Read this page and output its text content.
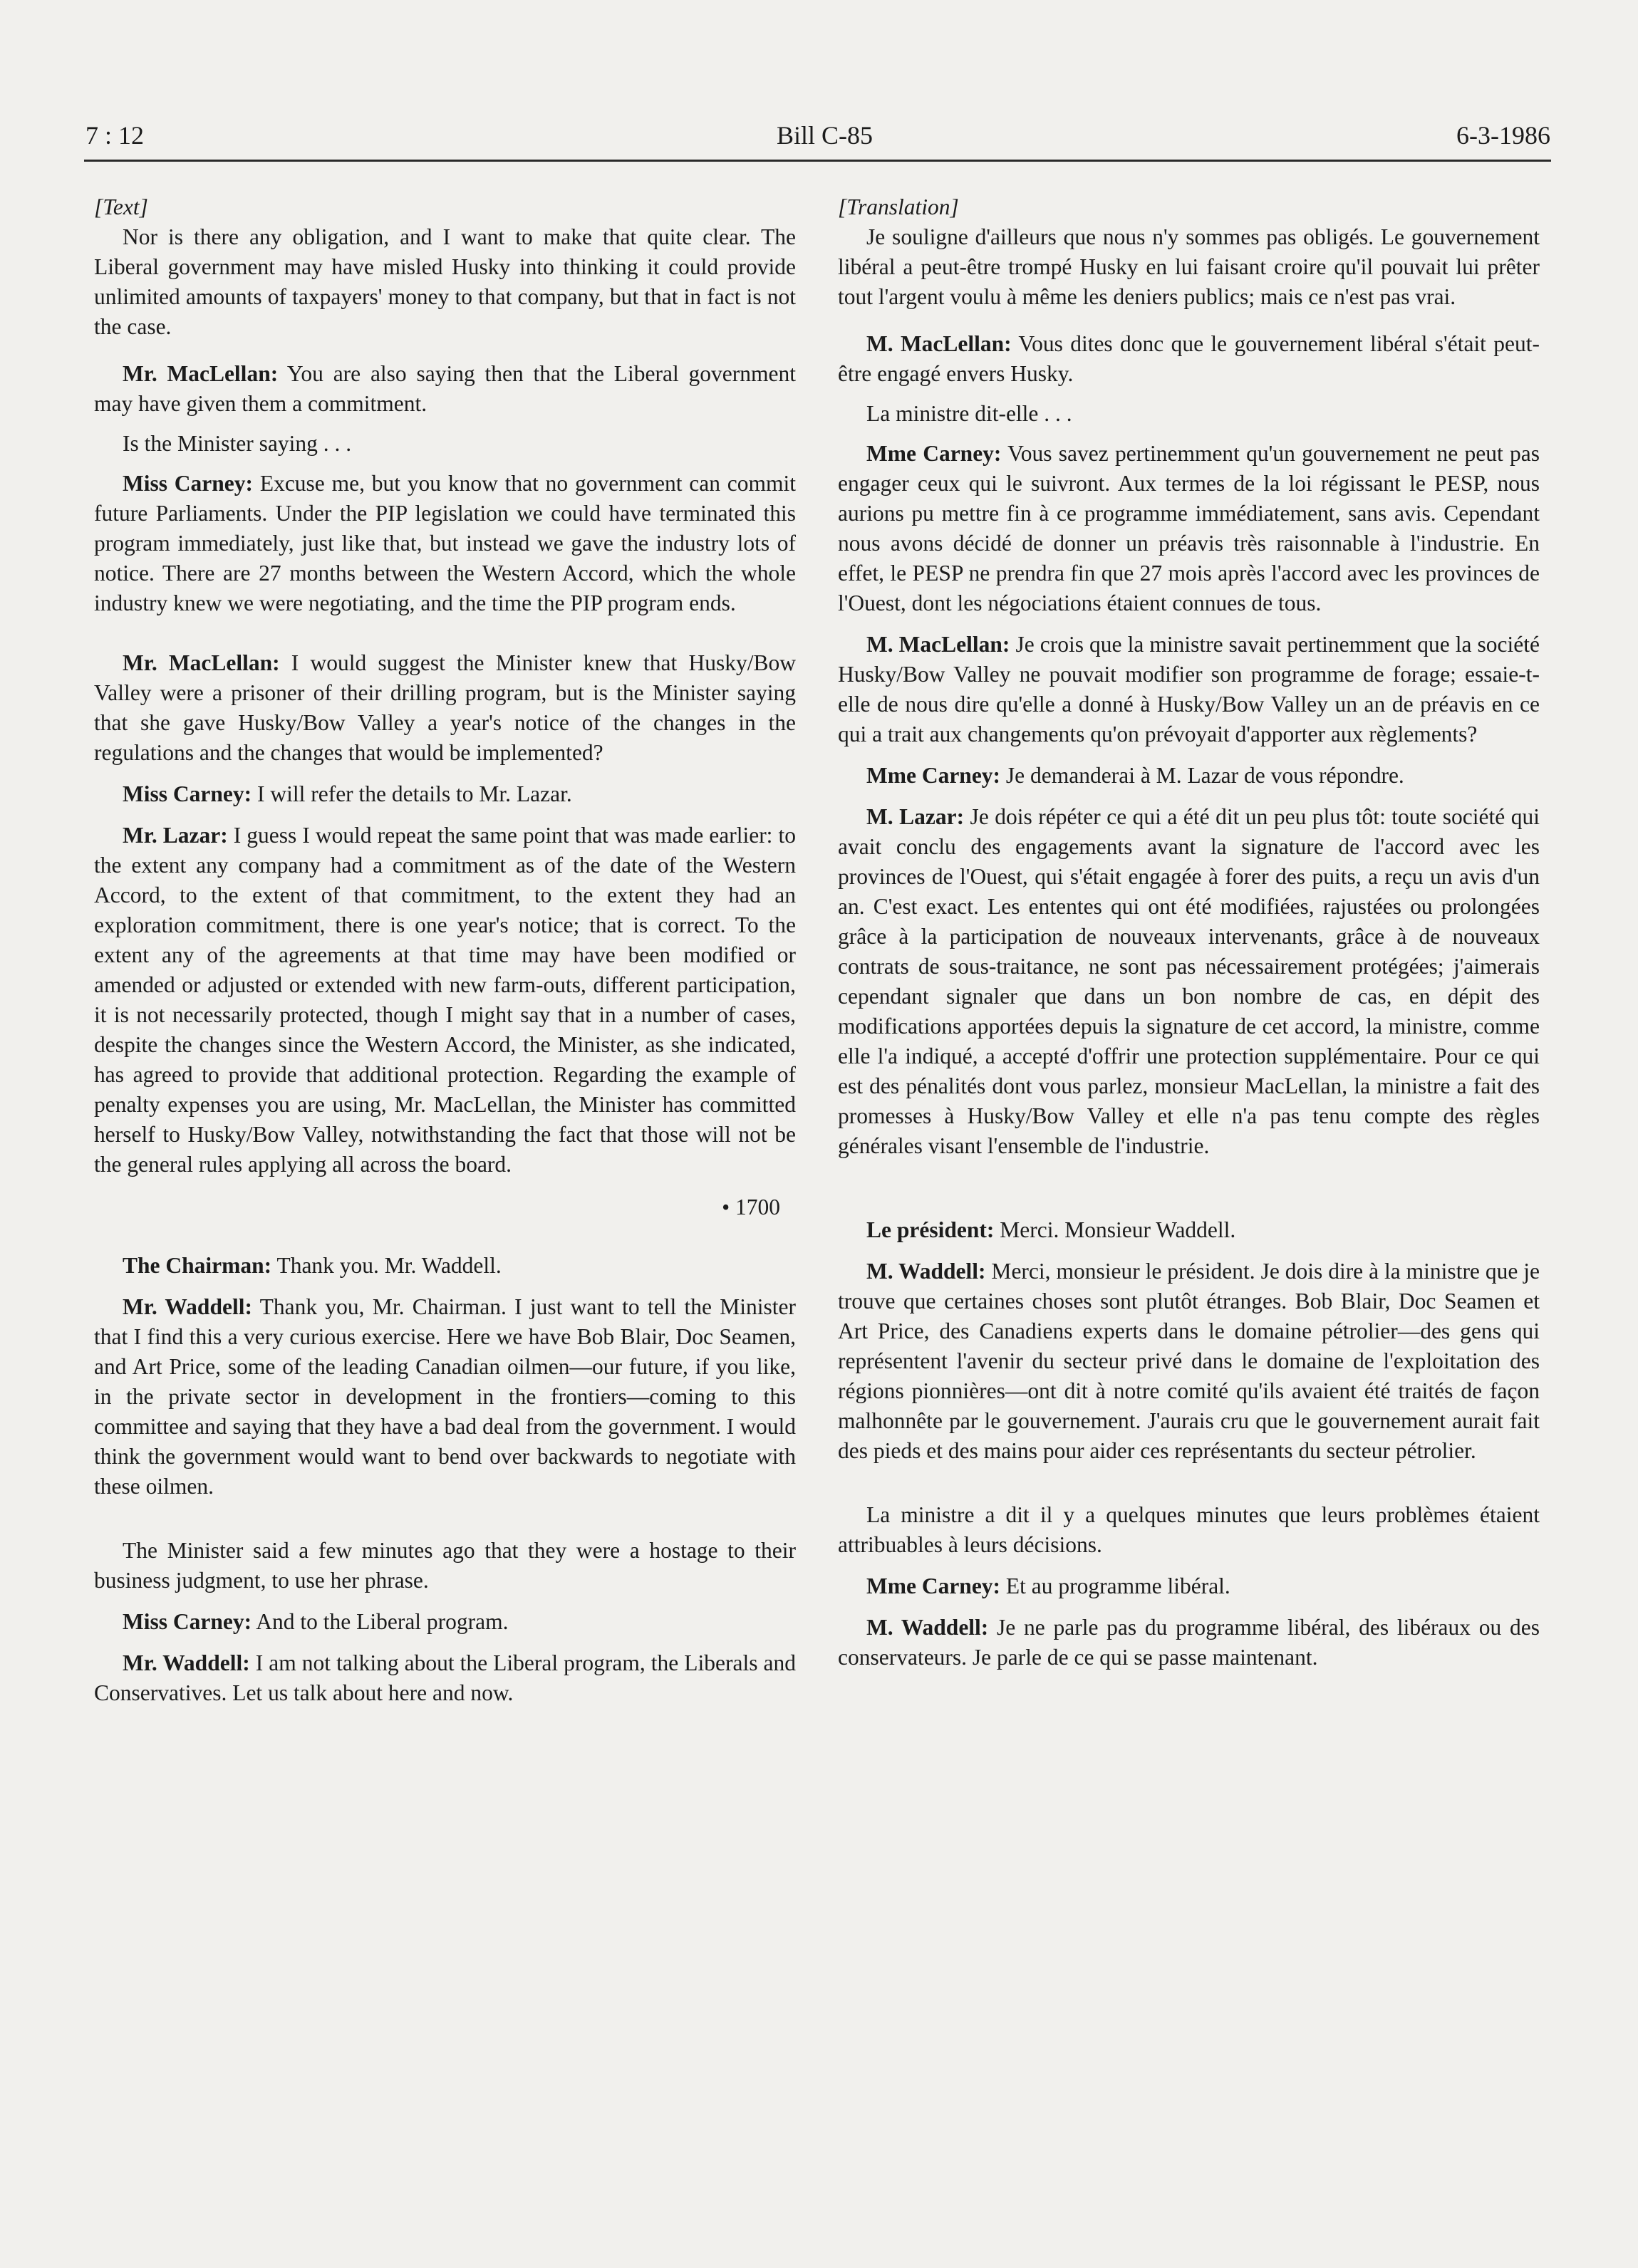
7 : 12	Bill C-85	6-3-1986
[Text]

Nor is there any obligation, and I want to make that quite clear. The Liberal government may have misled Husky into thinking it could provide unlimited amounts of taxpayers' money to that company, but that in fact is not the case.

Mr. MacLellan: You are also saying then that the Liberal government may have given them a commitment.

Is the Minister saying . . .

Miss Carney: Excuse me, but you know that no government can commit future Parliaments. Under the PIP legislation we could have terminated this program immediately, just like that, but instead we gave the industry lots of notice. There are 27 months between the Western Accord, which the whole industry knew we were negotiating, and the time the PIP program ends.

Mr. MacLellan: I would suggest the Minister knew that Husky/Bow Valley were a prisoner of their drilling program, but is the Minister saying that she gave Husky/Bow Valley a year's notice of the changes in the regulations and the changes that would be implemented?

Miss Carney: I will refer the details to Mr. Lazar.

Mr. Lazar: I guess I would repeat the same point that was made earlier: to the extent any company had a commitment as of the date of the Western Accord, to the extent of that commitment, to the extent they had an exploration commitment, there is one year's notice; that is correct. To the extent any of the agreements at that time may have been modified or amended or adjusted or extended with new farm-outs, different participation, it is not necessarily protected, though I might say that in a number of cases, despite the changes since the Western Accord, the Minister, as she indicated, has agreed to provide that additional protection. Regarding the example of penalty expenses you are using, Mr. MacLellan, the Minister has committed herself to Husky/Bow Valley, notwithstanding the fact that those will not be the general rules applying all across the board.

• 1700

The Chairman: Thank you. Mr. Waddell.

Mr. Waddell: Thank you, Mr. Chairman. I just want to tell the Minister that I find this a very curious exercise. Here we have Bob Blair, Doc Seamen, and Art Price, some of the leading Canadian oilmen—our future, if you like, in the private sector in development in the frontiers—coming to this committee and saying that they have a bad deal from the government. I would think the government would want to bend over backwards to negotiate with these oilmen.

The Minister said a few minutes ago that they were a hostage to their business judgment, to use her phrase.

Miss Carney: And to the Liberal program.

Mr. Waddell: I am not talking about the Liberal program, the Liberals and Conservatives. Let us talk about here and now.

[Translation]

Je souligne d'ailleurs que nous n'y sommes pas obligés. Le gouvernement libéral a peut-être trompé Husky en lui faisant croire qu'il pouvait lui prêter tout l'argent voulu à même les deniers publics; mais ce n'est pas vrai.

M. MacLellan: Vous dites donc que le gouvernement libéral s'était peut-être engagé envers Husky.

La ministre dit-elle . . .

Mme Carney: Vous savez pertinemment qu'un gouvernement ne peut pas engager ceux qui le suivront. Aux termes de la loi régissant le PESP, nous aurions pu mettre fin à ce programme immédiatement, sans avis. Cependant nous avons décidé de donner un préavis très raisonnable à l'industrie. En effet, le PESP ne prendra fin que 27 mois après l'accord avec les provinces de l'Ouest, dont les négociations étaient connues de tous.

M. MacLellan: Je crois que la ministre savait pertinemment que la société Husky/Bow Valley ne pouvait modifier son programme de forage; essaie-t-elle de nous dire qu'elle a donné à Husky/Bow Valley un an de préavis en ce qui a trait aux changements qu'on prévoyait d'apporter aux règlements?

Mme Carney: Je demanderai à M. Lazar de vous répondre.

M. Lazar: Je dois répéter ce qui a été dit un peu plus tôt: toute société qui avait conclu des engagements avant la signature de l'accord avec les provinces de l'Ouest, qui s'était engagée à forer des puits, a reçu un avis d'un an. C'est exact. Les ententes qui ont été modifiées, rajustées ou prolongées grâce à la participation de nouveaux intervenants, grâce à de nouveaux contrats de sous-traitance, ne sont pas nécessairement protégées; j'aimerais cependant signaler que dans un bon nombre de cas, en dépit des modifications apportées depuis la signature de cet accord, la ministre, comme elle l'a indiqué, a accepté d'offrir une protection supplémentaire. Pour ce qui est des pénalités dont vous parlez, monsieur MacLellan, la ministre a fait des promesses à Husky/Bow Valley et elle n'a pas tenu compte des règles générales visant l'ensemble de l'industrie.

Le président: Merci. Monsieur Waddell.

M. Waddell: Merci, monsieur le président. Je dois dire à la ministre que je trouve que certaines choses sont plutôt étranges. Bob Blair, Doc Seamen et Art Price, des Canadiens experts dans le domaine pétrolier—des gens qui représentent l'avenir du secteur privé dans le domaine de l'exploitation des régions pionnières—ont dit à notre comité qu'ils avaient été traités de façon malhonnête par le gouvernement. J'aurais cru que le gouvernement aurait fait des pieds et des mains pour aider ces représentants du secteur pétrolier.

La ministre a dit il y a quelques minutes que leurs problèmes étaient attribuables à leurs décisions.

Mme Carney: Et au programme libéral.

M. Waddell: Je ne parle pas du programme libéral, des libéraux ou des conservateurs. Je parle de ce qui se passe maintenant.
